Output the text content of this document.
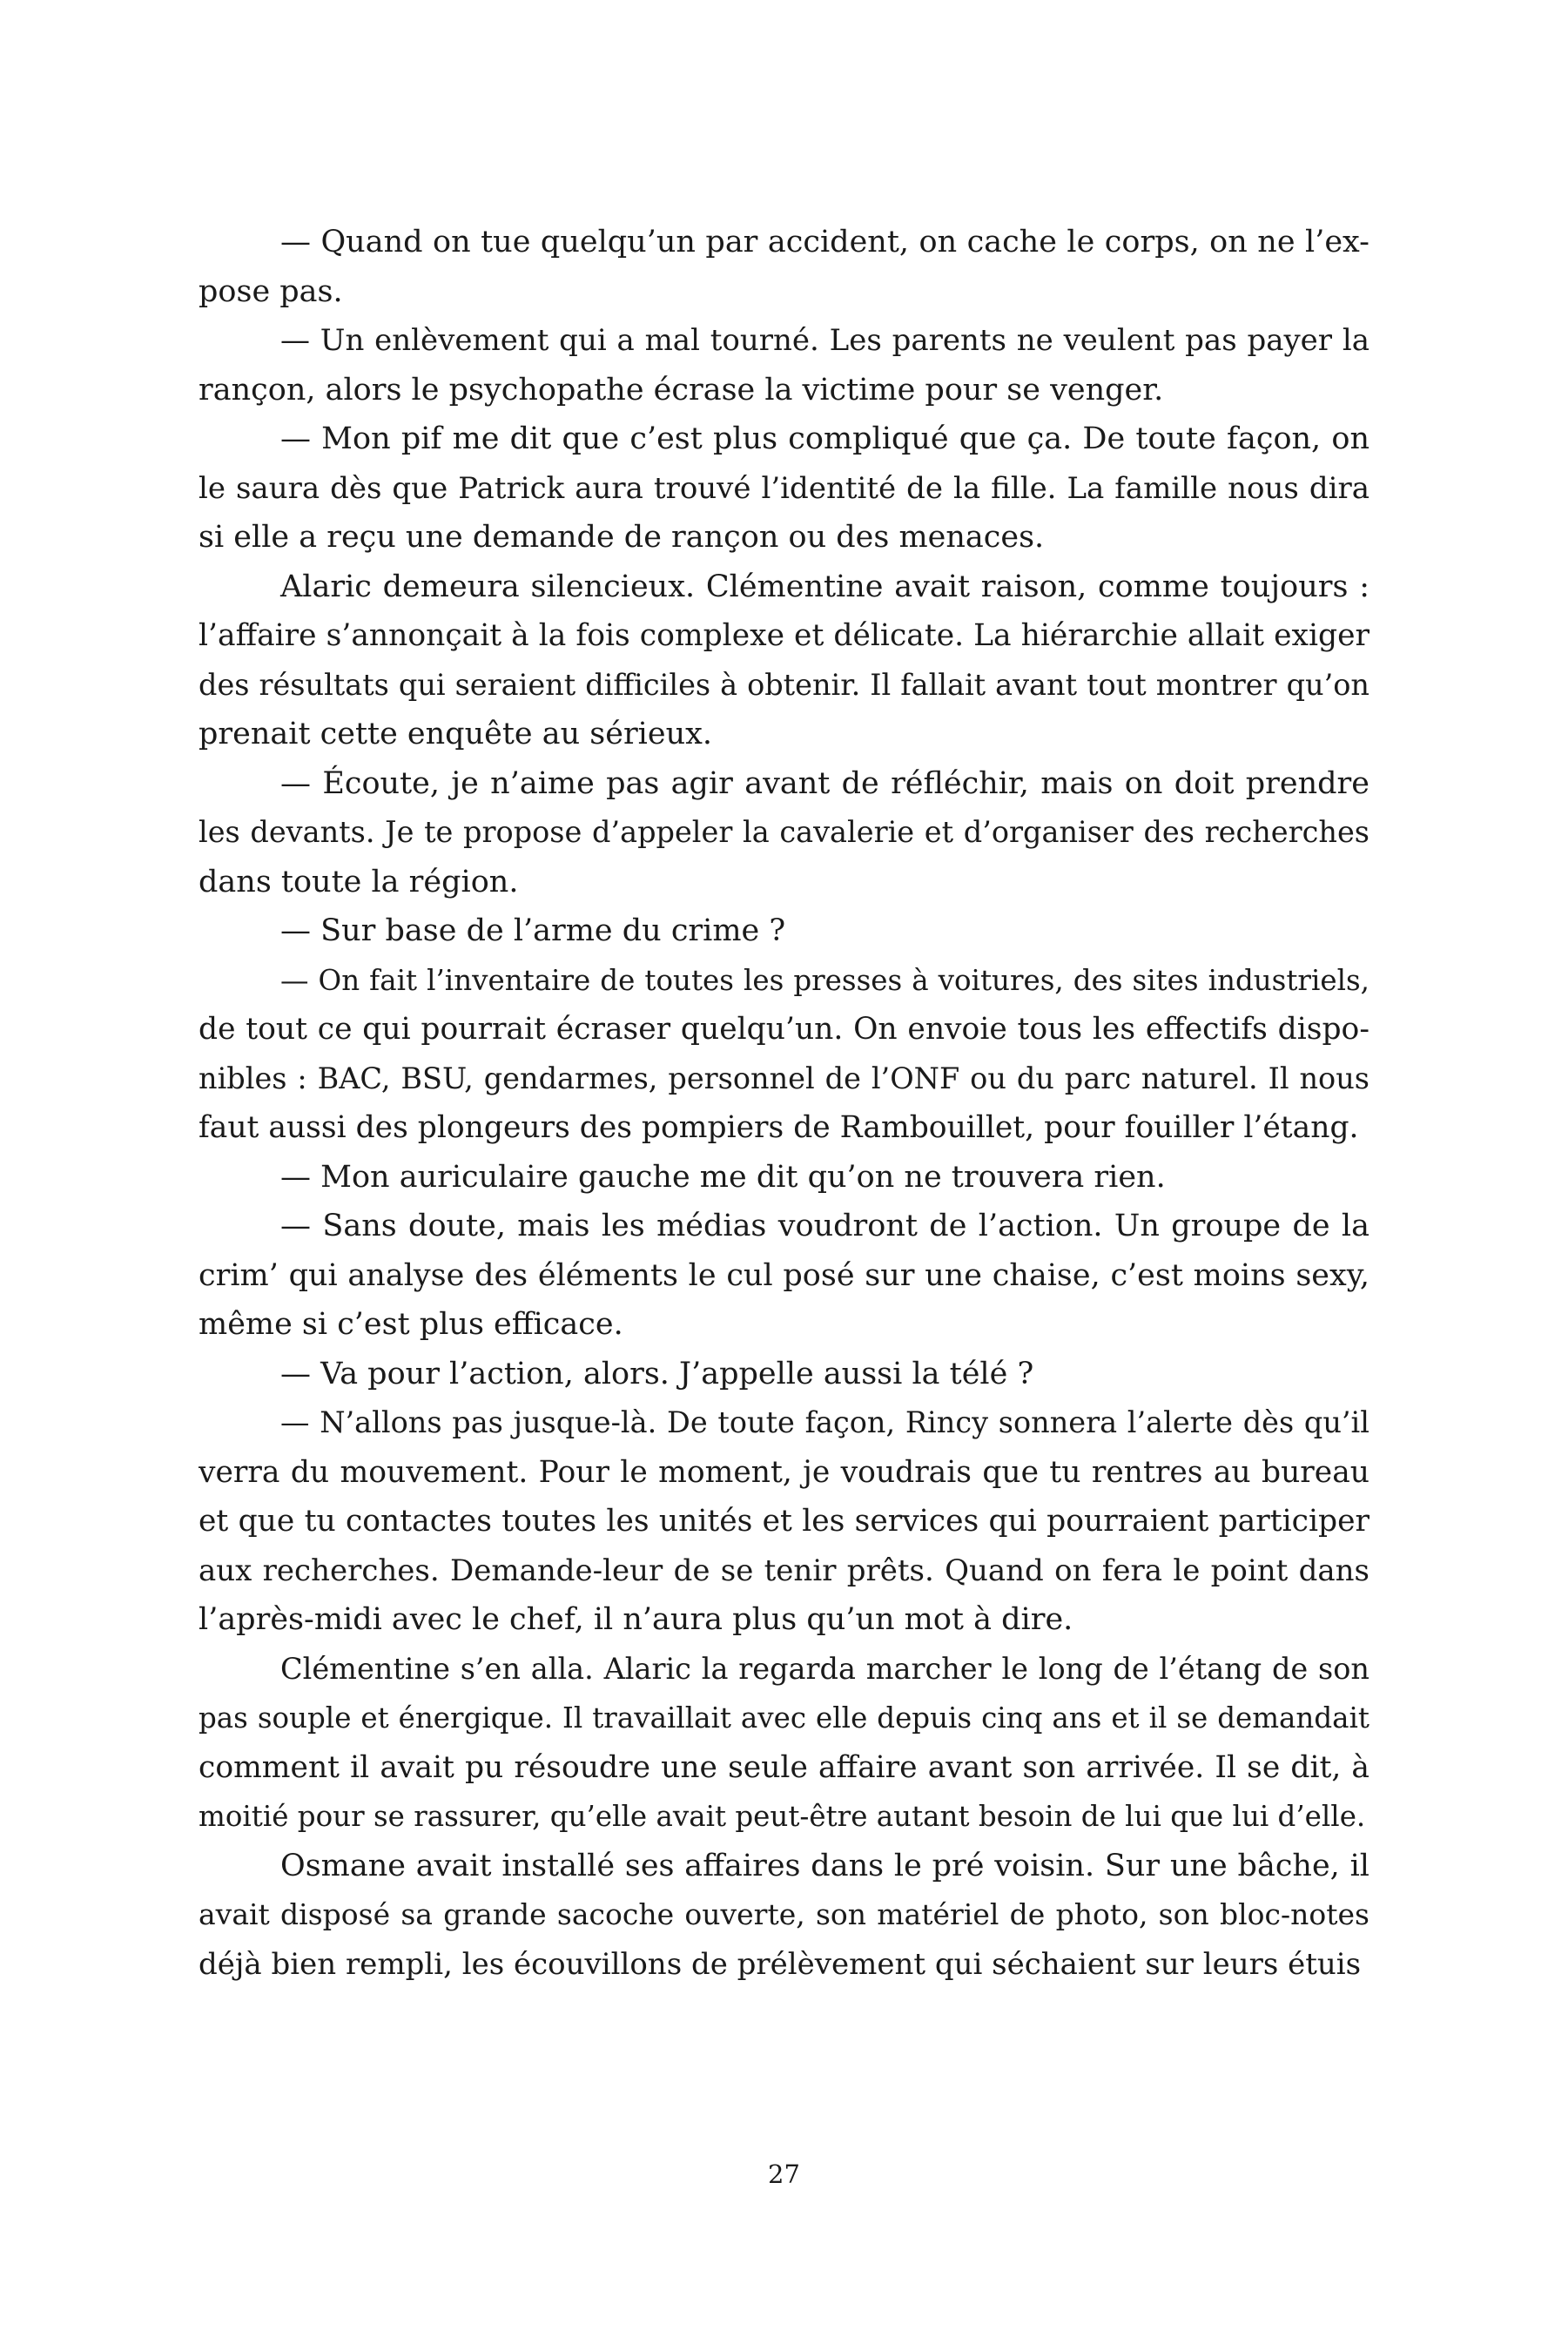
— Quand on tue quelqu’un par accident, on cache le corps, on ne l’ex-
pose pas.
— Un enlèvement qui a mal tourné. Les parents ne veulent pas payer la
rançon, alors le psychopathe écrase la victime pour se venger.
— Mon pif me dit que c’est plus compliqué que ça. De toute façon, on
le saura dès que Patrick aura trouvé l’identité de la fille. La famille nous dira
si elle a reçu une demande de rançon ou des menaces.
Alaric demeura silencieux. Clémentine avait raison, comme toujours :
l’affaire s’annonçait à la fois complexe et délicate. La hiérarchie allait exiger
des résultats qui seraient difficiles à obtenir. Il fallait avant tout montrer qu’on
prenait cette enquête au sérieux.
— Écoute, je n’aime pas agir avant de réfléchir, mais on doit prendre
les devants. Je te propose d’appeler la cavalerie et d’organiser des recherches
dans toute la région.
— Sur base de l’arme du crime ?
— On fait l’inventaire de toutes les presses à voitures, des sites industriels,
de tout ce qui pourrait écraser quelqu’un. On envoie tous les effectifs dispo-
nibles : BAC, BSU, gendarmes, personnel de l’ONF ou du parc naturel. Il nous
faut aussi des plongeurs des pompiers de Rambouillet, pour fouiller l’étang.
— Mon auriculaire gauche me dit qu’on ne trouvera rien.
— Sans doute, mais les médias voudront de l’action. Un groupe de la
crim’ qui analyse des éléments le cul posé sur une chaise, c’est moins sexy,
même si c’est plus efficace.
— Va pour l’action, alors. J’appelle aussi la télé ?
— N’allons pas jusque-là. De toute façon, Rincy sonnera l’alerte dès qu’il
verra du mouvement. Pour le moment, je voudrais que tu rentres au bureau
et que tu contactes toutes les unités et les services qui pourraient participer
aux recherches. Demande-leur de se tenir prêts. Quand on fera le point dans
l’après-midi avec le chef, il n’aura plus qu’un mot à dire.
Clémentine s’en alla. Alaric la regarda marcher le long de l’étang de son
pas souple et énergique. Il travaillait avec elle depuis cinq ans et il se demandait
comment il avait pu résoudre une seule affaire avant son arrivée. Il se dit, à
moitié pour se rassurer, qu’elle avait peut-être autant besoin de lui que lui d’elle.
Osmane avait installé ses affaires dans le pré voisin. Sur une bâche, il
avait disposé sa grande sacoche ouverte, son matériel de photo, son bloc-notes
déjà bien rempli, les écouvillons de prélèvement qui séchaient sur leurs étuis
27
